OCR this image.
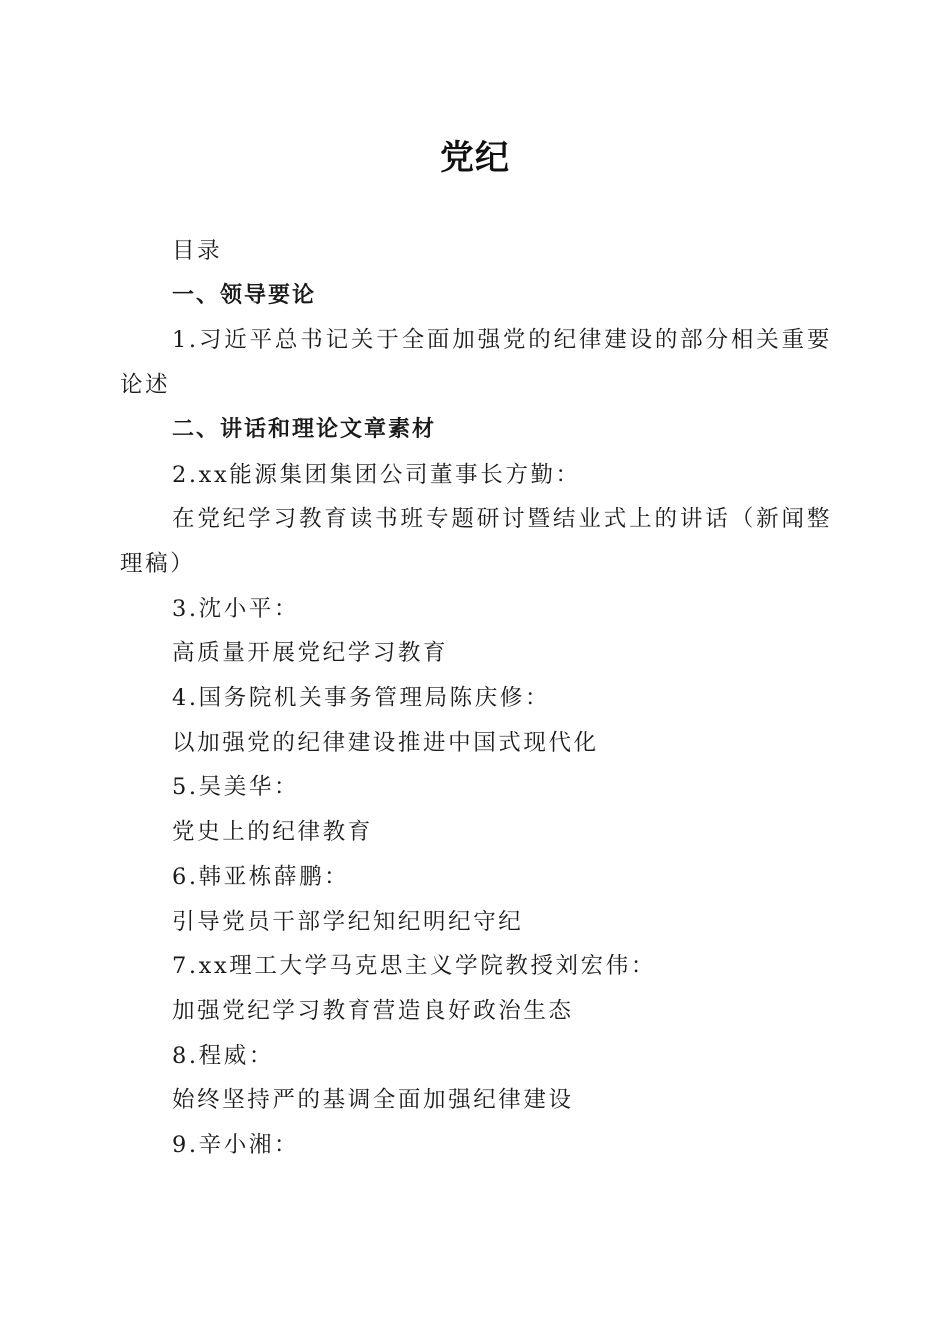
党纪

目录

一、领导要论

1.习近平总书记关于全面加强党的纪律建设的部分相关重要论述

二、讲话和理论文章素材

2.xx能源集团集团公司董事长方勤：

在党纪学习教育读书班专题研讨暨结业式上的讲话（新闻整理稿）

3.沈小平：

高质量开展党纪学习教育

4.国务院机关事务管理局陈庆修：

以加强党的纪律建设推进中国式现代化

5.吴美华：

党史上的纪律教育

6.韩亚栋薛鹏：

引导党员干部学纪知纪明纪守纪

7.xx理工大学马克思主义学院教授刘宏伟：

加强党纪学习教育营造良好政治生态

8.程威：

始终坚持严的基调全面加强纪律建设

9.辛小湘：
